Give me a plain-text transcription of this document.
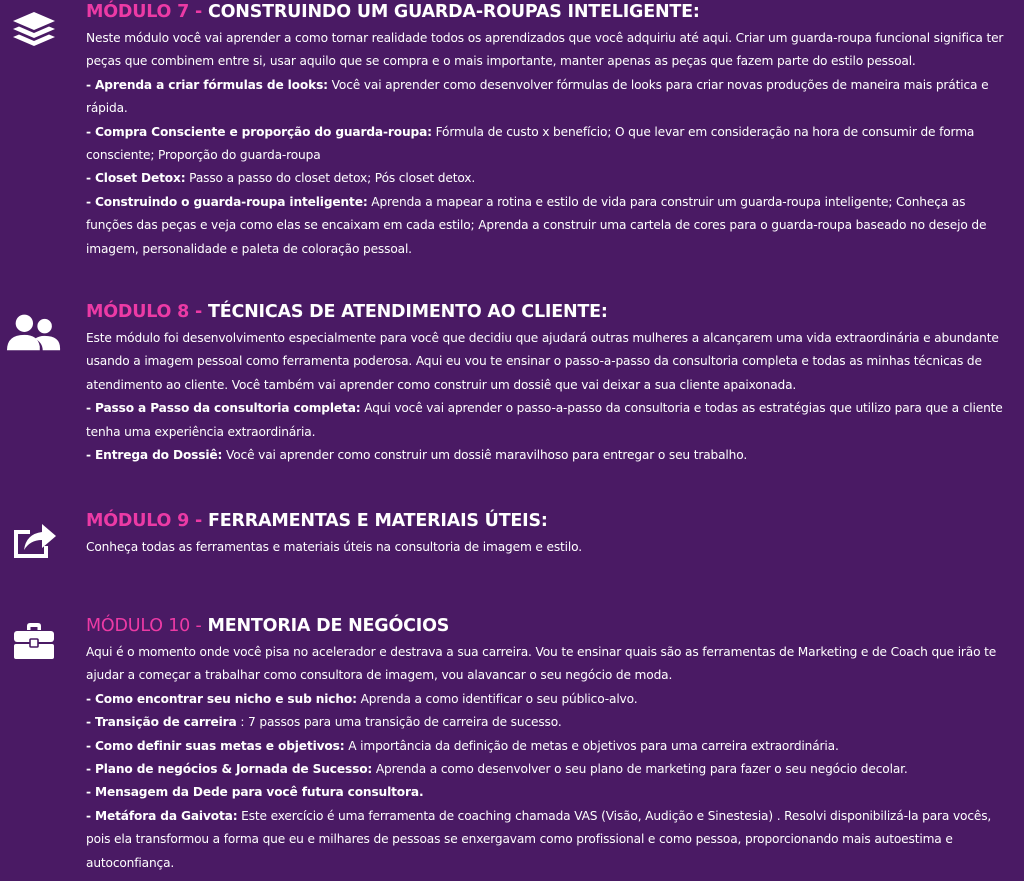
MÓDULO 7 - CONSTRUINDO UM GUARDA-ROUPAS INTELIGENTE:

Neste módulo você vai aprender a como tornar realidade todos os aprendizados que você adquiriu até aqui. Criar um guarda-roupa funcional significa ter peças que combinem entre si, usar aquilo que se compra e o mais importante, manter apenas as peças que fazem parte do estilo pessoal.

- Aprenda a criar fórmulas de looks: Você vai aprender como desenvolver fórmulas de looks para criar novas produções de maneira mais prática e rápida.

- Compra Consciente e proporção do guarda-roupa: Fórmula de custo x benefício; O que levar em consideração na hora de consumir de forma consciente; Proporção do guarda-roupa

- Closet Detox: Passo a passo do closet detox; Pós closet detox.

- Construindo o guarda-roupa inteligente: Aprenda a mapear a rotina e estilo de vida para construir um guarda-roupa inteligente; Conheça as funções das peças e veja como elas se encaixam em cada estilo; Aprenda a construir uma cartela de cores para o guarda-roupa baseado no desejo de imagem, personalidade e paleta de coloração pessoal.

MÓDULO 8 - TÉCNICAS DE ATENDIMENTO AO CLIENTE:

Este módulo foi desenvolvimento especialmente para você que decidiu que ajudará outras mulheres a alcançarem uma vida extraordinária e abundante usando a imagem pessoal como ferramenta poderosa. Aqui eu vou te ensinar o passo-a-passo da consultoria completa e todas as minhas técnicas de atendimento ao cliente. Você também vai aprender como construir um dossiê que vai deixar a sua cliente apaixonada.

- Passo a Passo da consultoria completa: Aqui você vai aprender o passo-a-passo da consultoria e todas as estratégias que utilizo para que a cliente tenha uma experiência extraordinária.

- Entrega do Dossiê: Você vai aprender como construir um dossiê maravilhoso para entregar o seu trabalho.

MÓDULO 9 - FERRAMENTAS E MATERIAIS ÚTEIS:

Conheça todas as ferramentas e materiais úteis na consultoria de imagem e estilo.

MÓDULO 10 - MENTORIA DE NEGÓCIOS

Aqui é o momento onde você pisa no acelerador e destrava a sua carreira. Vou te ensinar quais são as ferramentas de Marketing e de Coach que irão te ajudar a começar a trabalhar como consultora de imagem, vou alavancar o seu negócio de moda.

- Como encontrar seu nicho e sub nicho: Aprenda a como identificar o seu público-alvo.

- Transição de carreira : 7 passos para uma transição de carreira de sucesso.

- Como definir suas metas e objetivos: A importância da definição de metas e objetivos para uma carreira extraordinária.

- Plano de negócios & Jornada de Sucesso: Aprenda a como desenvolver o seu plano de marketing para fazer o seu negócio decolar.

- Mensagem da Dede para você futura consultora.

- Metáfora da Gaivota: Este exercício é uma ferramenta de coaching chamada VAS (Visão, Audição e Sinestesia) . Resolvi disponibilizá-la para vocês, pois ela transformou a forma que eu e milhares de pessoas se enxergavam como profissional e como pessoa, proporcionando mais autoestima e autoconfiança.
